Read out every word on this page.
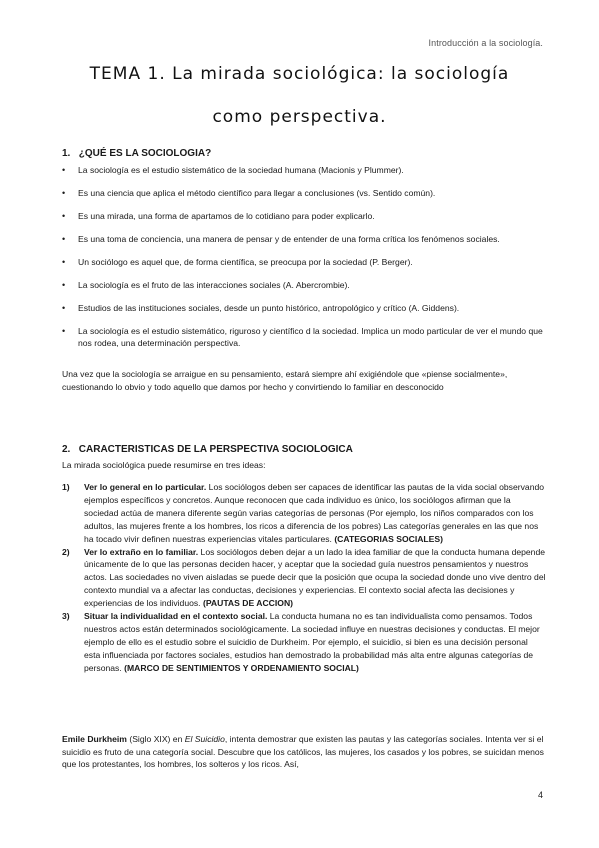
Introducción a la sociología.
TEMA 1. La mirada sociológica: la sociología
como perspectiva.
1. ¿QUÉ ES LA SOCIOLOGIA?
• La sociología es el estudio sistemático de la sociedad humana (Macionis y Plummer).
• Es una ciencia que aplica el método científico para llegar a conclusiones (vs. Sentido común).
• Es una mirada, una forma de apartamos de lo cotidiano para poder explicarlo.
• Es una toma de conciencia, una manera de pensar y de entender de una forma crítica los fenómenos sociales.
• Un sociólogo es aquel que, de forma científica, se preocupa por la sociedad (P. Berger).
• La sociología es el fruto de las interacciones sociales (A. Abercrombie).
• Estudios de las instituciones sociales, desde un punto histórico, antropológico y crítico (A. Giddens).
• La sociología es el estudio sistemático, riguroso y científico d la sociedad. Implica un modo particular de ver el mundo que nos rodea, una determinación perspectiva.

Una vez que la sociología se arraigue en su pensamiento, estará siempre ahí exigiéndole que «piense socialmente», cuestionando lo obvio y todo aquello que damos por hecho y convirtiendo lo familiar en desconocido

2. CARACTERISTICAS DE LA PERSPECTIVA SOCIOLOGICA

La mirada sociológica puede resumirse en tres ideas:

1) Ver lo general en lo particular. Los sociólogos deben ser capaces de identificar las pautas de la vida social observando ejemplos específicos y concretos. Aunque reconocen que cada individuo es único, los sociólogos afirman que la sociedad actúa de manera diferente según varias categorías de personas (Por ejemplo, los niños comparados con los adultos, las mujeres frente a los hombres, los ricos a diferencia de los pobres) Las categorías generales en las que nos ha tocado vivir definen nuestras experiencias vitales particulares. (CATEGORIAS SOCIALES)
2) Ver lo extraño en lo familiar. Los sociólogos deben dejar a un lado la idea familiar de que la conducta humana depende únicamente de lo que las personas deciden hacer, y aceptar que la sociedad guía nuestros pensamientos y nuestros actos. Las sociedades no viven aisladas se puede decir que la posición que ocupa la sociedad donde uno vive dentro del contexto mundial va a afectar las conductas, decisiones y experiencias. El contexto social afecta las decisiones y experiencias de los individuos. (PAUTAS DE ACCION)
3) Situar la individualidad en el contexto social. La conducta humana no es tan individualista como pensamos. Todos nuestros actos están determinados sociológicamente. La sociedad influye en nuestras decisiones y conductas. El mejor ejemplo de ello es el estudio sobre el suicidio de Durkheim. Por ejemplo, el suicidio, si bien es una decisión personal esta influenciada por factores sociales, estudios han demostrado la probabilidad más alta entre algunas categorías de personas. (MARCO DE SENTIMIENTOS Y ORDENAMIENTO SOCIAL)

Emile Durkheim (Siglo XIX) en El Suicidio, intenta demostrar que existen las pautas y las categorías sociales. Intenta ver si el suicidio es fruto de una categoría social. Descubre que los católicos, las mujeres, los casados y los pobres, se suicidan menos que los protestantes, los hombres, los solteros y los ricos. Así,

4
